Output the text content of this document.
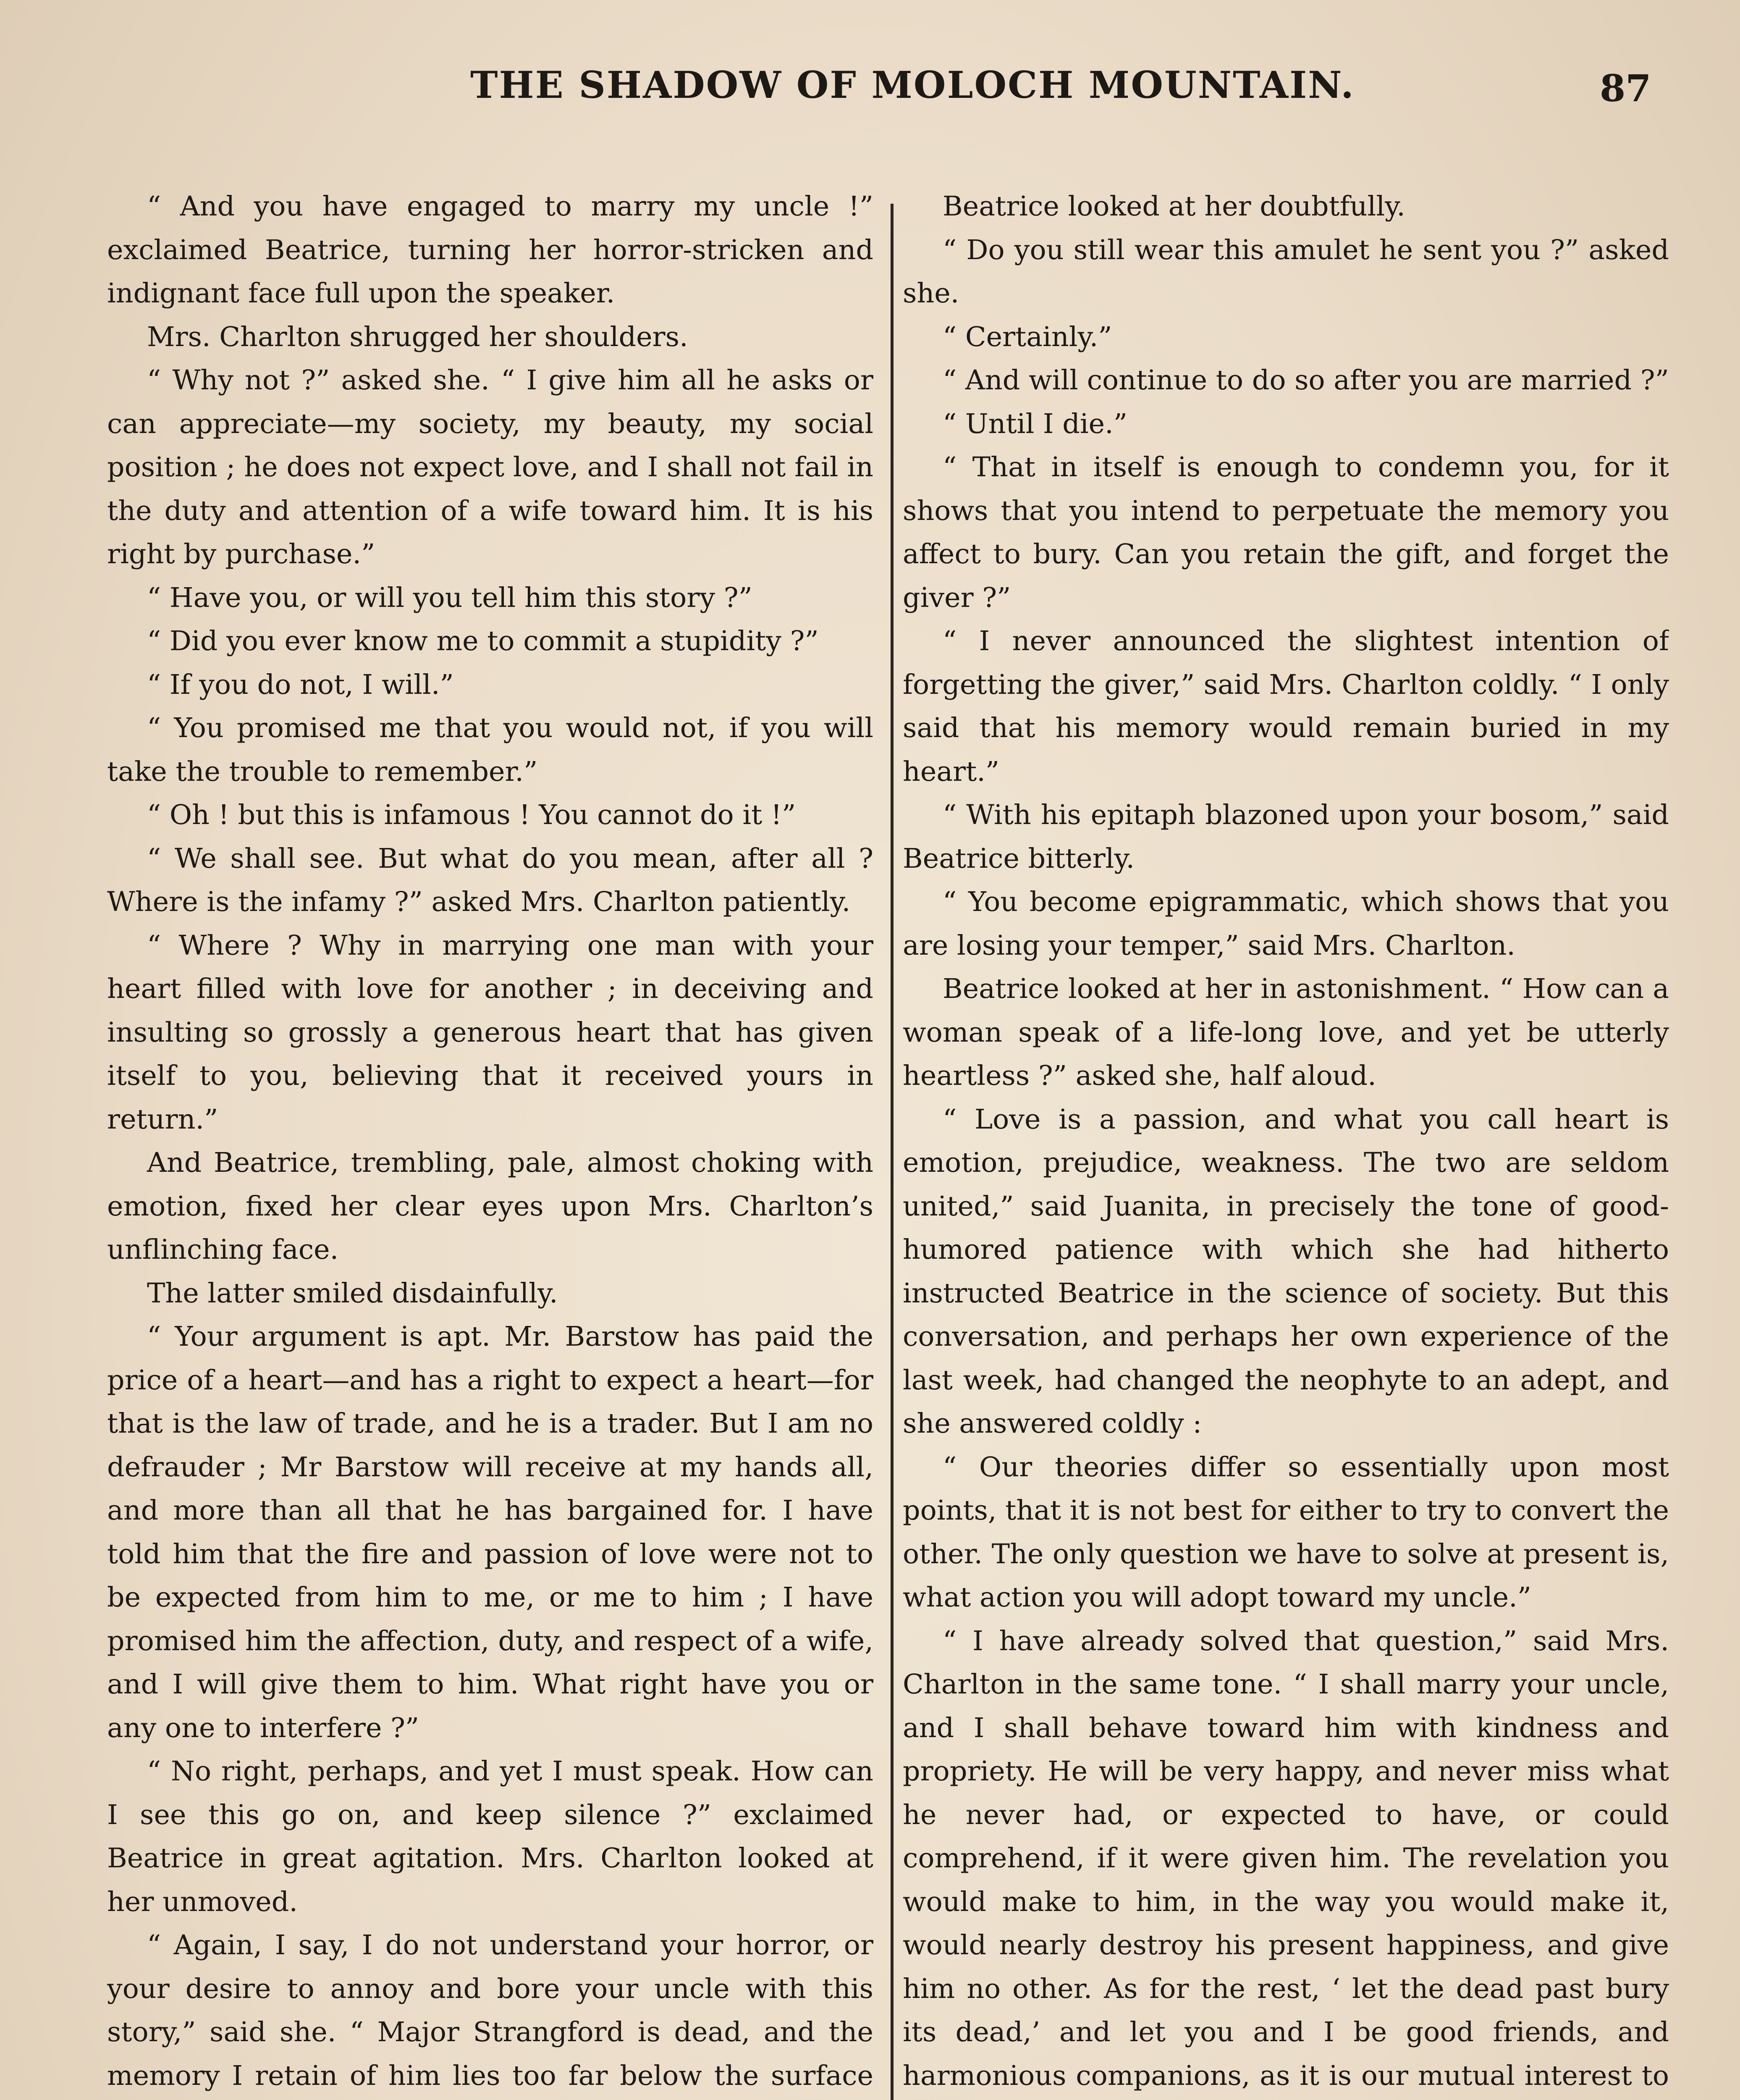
THE SHADOW OF MOLOCH MOUNTAIN.	87

“ And you have engaged to marry my uncle !” exclaimed Beatrice, turning her horror-stricken and indignant face full upon the speaker.

Mrs. Charlton shrugged her shoulders.

“ Why not ?” asked she. “ I give him all he asks or can appreciate—my society, my beauty, my social position ; he does not expect love, and I shall not fail in the duty and attention of a wife toward him. It is his right by purchase.”

“ Have you, or will you tell him this story ?”

“ Did you ever know me to commit a stupidity ?”

“ If you do not, I will.”

“ You promised me that you would not, if you will take the trouble to remember.”

“ Oh ! but this is infamous ! You cannot do it !”

“ We shall see. But what do you mean, after all ? Where is the infamy ?” asked Mrs. Charlton patiently.

“ Where ? Why in marrying one man with your heart filled with love for another ; in deceiving and insulting so grossly a generous heart that has given itself to you, believing that it received yours in return.”

And Beatrice, trembling, pale, almost choking with emotion, fixed her clear eyes upon Mrs. Charlton’s unflinching face.

The latter smiled disdainfully.

“ Your argument is apt. Mr. Barstow has paid the price of a heart—and has a right to expect a heart—for that is the law of trade, and he is a trader. But I am no defrauder ; Mr Barstow will receive at my hands all, and more than all that he has bargained for. I have told him that the fire and passion of love were not to be expected from him to me, or me to him ; I have promised him the affection, duty, and respect of a wife, and I will give them to him. What right have you or any one to interfere ?”

“ No right, perhaps, and yet I must speak. How can I see this go on, and keep silence ?” exclaimed Beatrice in great agitation. Mrs. Charlton looked at her unmoved.

“ Again, I say, I do not understand your horror, or your desire to annoy and bore your uncle with this story,” said she. “ Major Strangford is dead, and the memory I retain of him lies too far below the surface

Beatrice looked at her doubtfully.

“ Do you still wear this amulet he sent you ?” asked she.

“ Certainly.”

“ And will continue to do so after you are married ?”

“ Until I die.”

“ That in itself is enough to condemn you, for it shows that you intend to perpetuate the memory you affect to bury. Can you retain the gift, and forget the giver ?”

“ I never announced the slightest intention of forgetting the giver,” said Mrs. Charlton coldly. “ I only said that his memory would remain buried in my heart.”

“ With his epitaph blazoned upon your bosom,” said Beatrice bitterly.

“ You become epigrammatic, which shows that you are losing your temper,” said Mrs. Charlton.

Beatrice looked at her in astonishment. “ How can a woman speak of a life-long love, and yet be utterly heartless ?” asked she, half aloud.

“ Love is a passion, and what you call heart is emotion, prejudice, weakness. The two are seldom united,” said Juanita, in precisely the tone of good-humored patience with which she had hitherto instructed Beatrice in the science of society. But this conversation, and perhaps her own experience of the last week, had changed the neophyte to an adept, and she answered coldly :

“ Our theories differ so essentially upon most points, that it is not best for either to try to convert the other. The only question we have to solve at present is, what action you will adopt toward my uncle.”

“ I have already solved that question,” said Mrs. Charlton in the same tone. “ I shall marry your uncle, and I shall behave toward him with kindness and propriety. He will be very happy, and never miss what he never had, or expected to have, or could comprehend, if it were given him. The revelation you would make to him, in the way you would make it, would nearly destroy his present happiness, and give him no other. As for the rest, ‘ let the dead past bury its dead,’ and let you and I be good friends, and harmonious companions, as it is our mutual interest to
